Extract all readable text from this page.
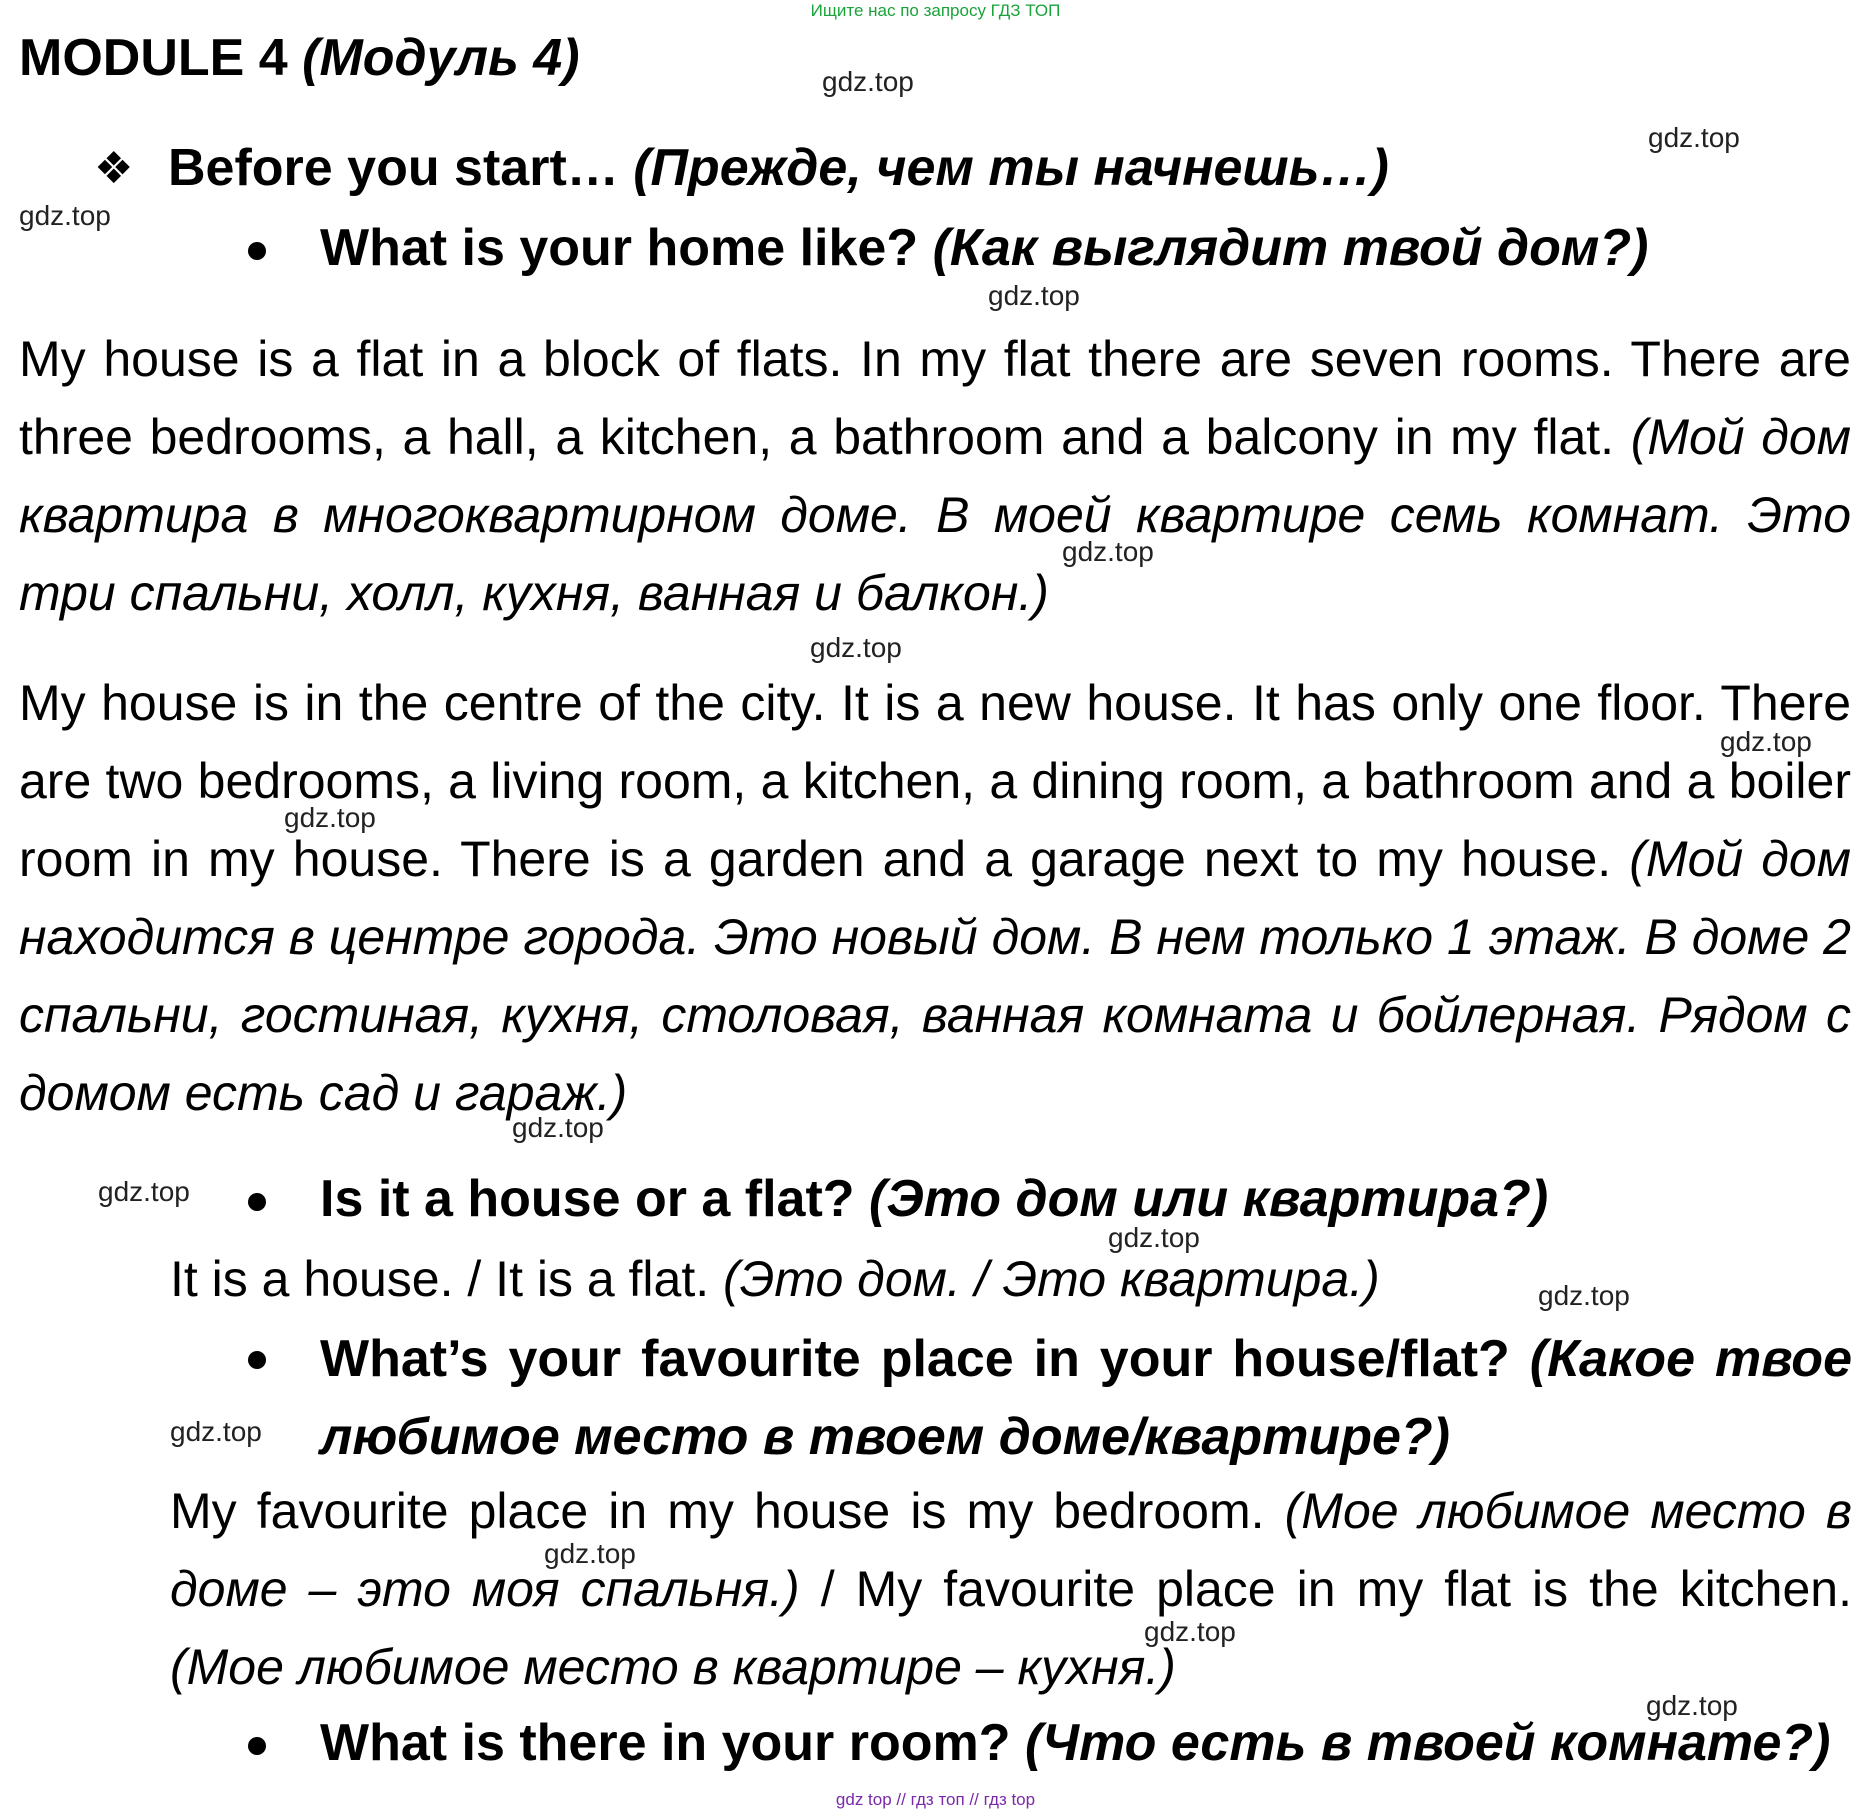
Ищите нас по запросу ГДЗ ТОП
MODULE 4 (Модуль 4)
❖ Before you start… (Прежде, чем ты начнешь…)
What is your home like? (Как выглядит твой дом?)
My house is a flat in a block of flats. In my flat there are seven rooms. There are three bedrooms, a hall, a kitchen, a bathroom and a balcony in my flat. (Мой дом квартира в многоквартирном доме. В моей квартире семь комнат. Это три спальни, холл, кухня, ванная и балкон.)
My house is in the centre of the city. It is a new house. It has only one floor. There are two bedrooms, a living room, a kitchen, a dining room, a bathroom and a boiler room in my house. There is a garden and a garage next to my house. (Мой дом находится в центре города. Это новый дом. В нем только 1 этаж. В доме 2 спальни, гостиная, кухня, столовая, ванная комната и бойлерная. Рядом с домом есть сад и гараж.)
Is it a house or a flat? (Это дом или квартира?)
It is a house. / It is a flat. (Это дом. / Это квартира.)
What’s your favourite place in your house/flat? (Какое твое любимое место в твоем доме/квартире?)
My favourite place in my house is my bedroom. (Мое любимое место в доме – это моя спальня.) / My favourite place in my flat is the kitchen. (Мое любимое место в квартире – кухня.)
What is there in your room? (Что есть в твоей комнате?)
gdz.top
gdz.top
gdz.top
gdz.top
gdz.top
gdz.top
gdz.top
gdz.top
gdz.top
gdz.top
gdz.top
gdz.top
gdz.top
gdz.top
gdz.top
gdz.top
gdz top // гдз топ // гдз top
